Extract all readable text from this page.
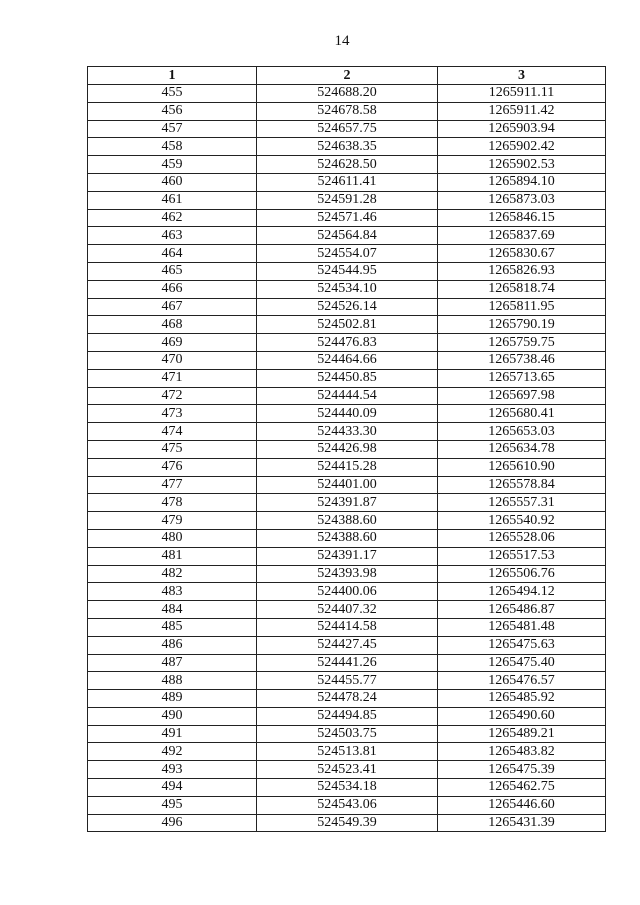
14
1	2	3
455	524688.20	1265911.11
456	524678.58	1265911.42
457	524657.75	1265903.94
458	524638.35	1265902.42
459	524628.50	1265902.53
460	524611.41	1265894.10
461	524591.28	1265873.03
462	524571.46	1265846.15
463	524564.84	1265837.69
464	524554.07	1265830.67
465	524544.95	1265826.93
466	524534.10	1265818.74
467	524526.14	1265811.95
468	524502.81	1265790.19
469	524476.83	1265759.75
470	524464.66	1265738.46
471	524450.85	1265713.65
472	524444.54	1265697.98
473	524440.09	1265680.41
474	524433.30	1265653.03
475	524426.98	1265634.78
476	524415.28	1265610.90
477	524401.00	1265578.84
478	524391.87	1265557.31
479	524388.60	1265540.92
480	524388.60	1265528.06
481	524391.17	1265517.53
482	524393.98	1265506.76
483	524400.06	1265494.12
484	524407.32	1265486.87
485	524414.58	1265481.48
486	524427.45	1265475.63
487	524441.26	1265475.40
488	524455.77	1265476.57
489	524478.24	1265485.92
490	524494.85	1265490.60
491	524503.75	1265489.21
492	524513.81	1265483.82
493	524523.41	1265475.39
494	524534.18	1265462.75
495	524543.06	1265446.60
496	524549.39	1265431.39
